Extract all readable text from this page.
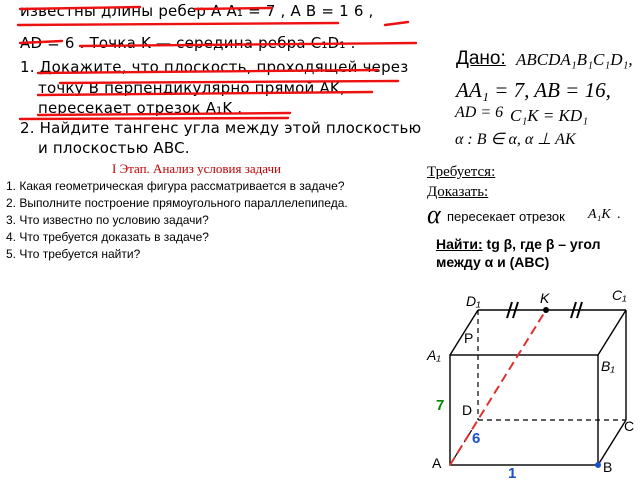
известны длины ребер A A₁ = 7 , A B = 1 6 ,
AD = 6 . Точка K — середина ребра C₁D₁ .
1. Докажите, что плоскость, проходящей через
точку B перпендикулярно прямой AK,
пересекает отрезок A₁K .
2. Найдите тангенс угла между этой плоскостью
и плоскостью ABC.
I Этап. Анализ условия задачи
1. Какая геометрическая фигура рассматривается в задаче?
2. Выполните построение прямоугольного параллелепипеда.
3. Что известно по условию задачи?
4. Что требуется доказать в задаче?
5. Что требуется найти?
Дано: ABCDA₁B₁C₁D₁,
AA₁ = 7, AB = 16,
AD = 6 C₁K = KD₁
α : B ∈ α, α ⊥ AK
Требуется:
Доказать:
α пересекает отрезок A₁K .
Найти: tg β, где β – угол
между α и (ABC)
C₁
D₁	K
P
A₁
B₁
D
C
A	B
7
6
1
